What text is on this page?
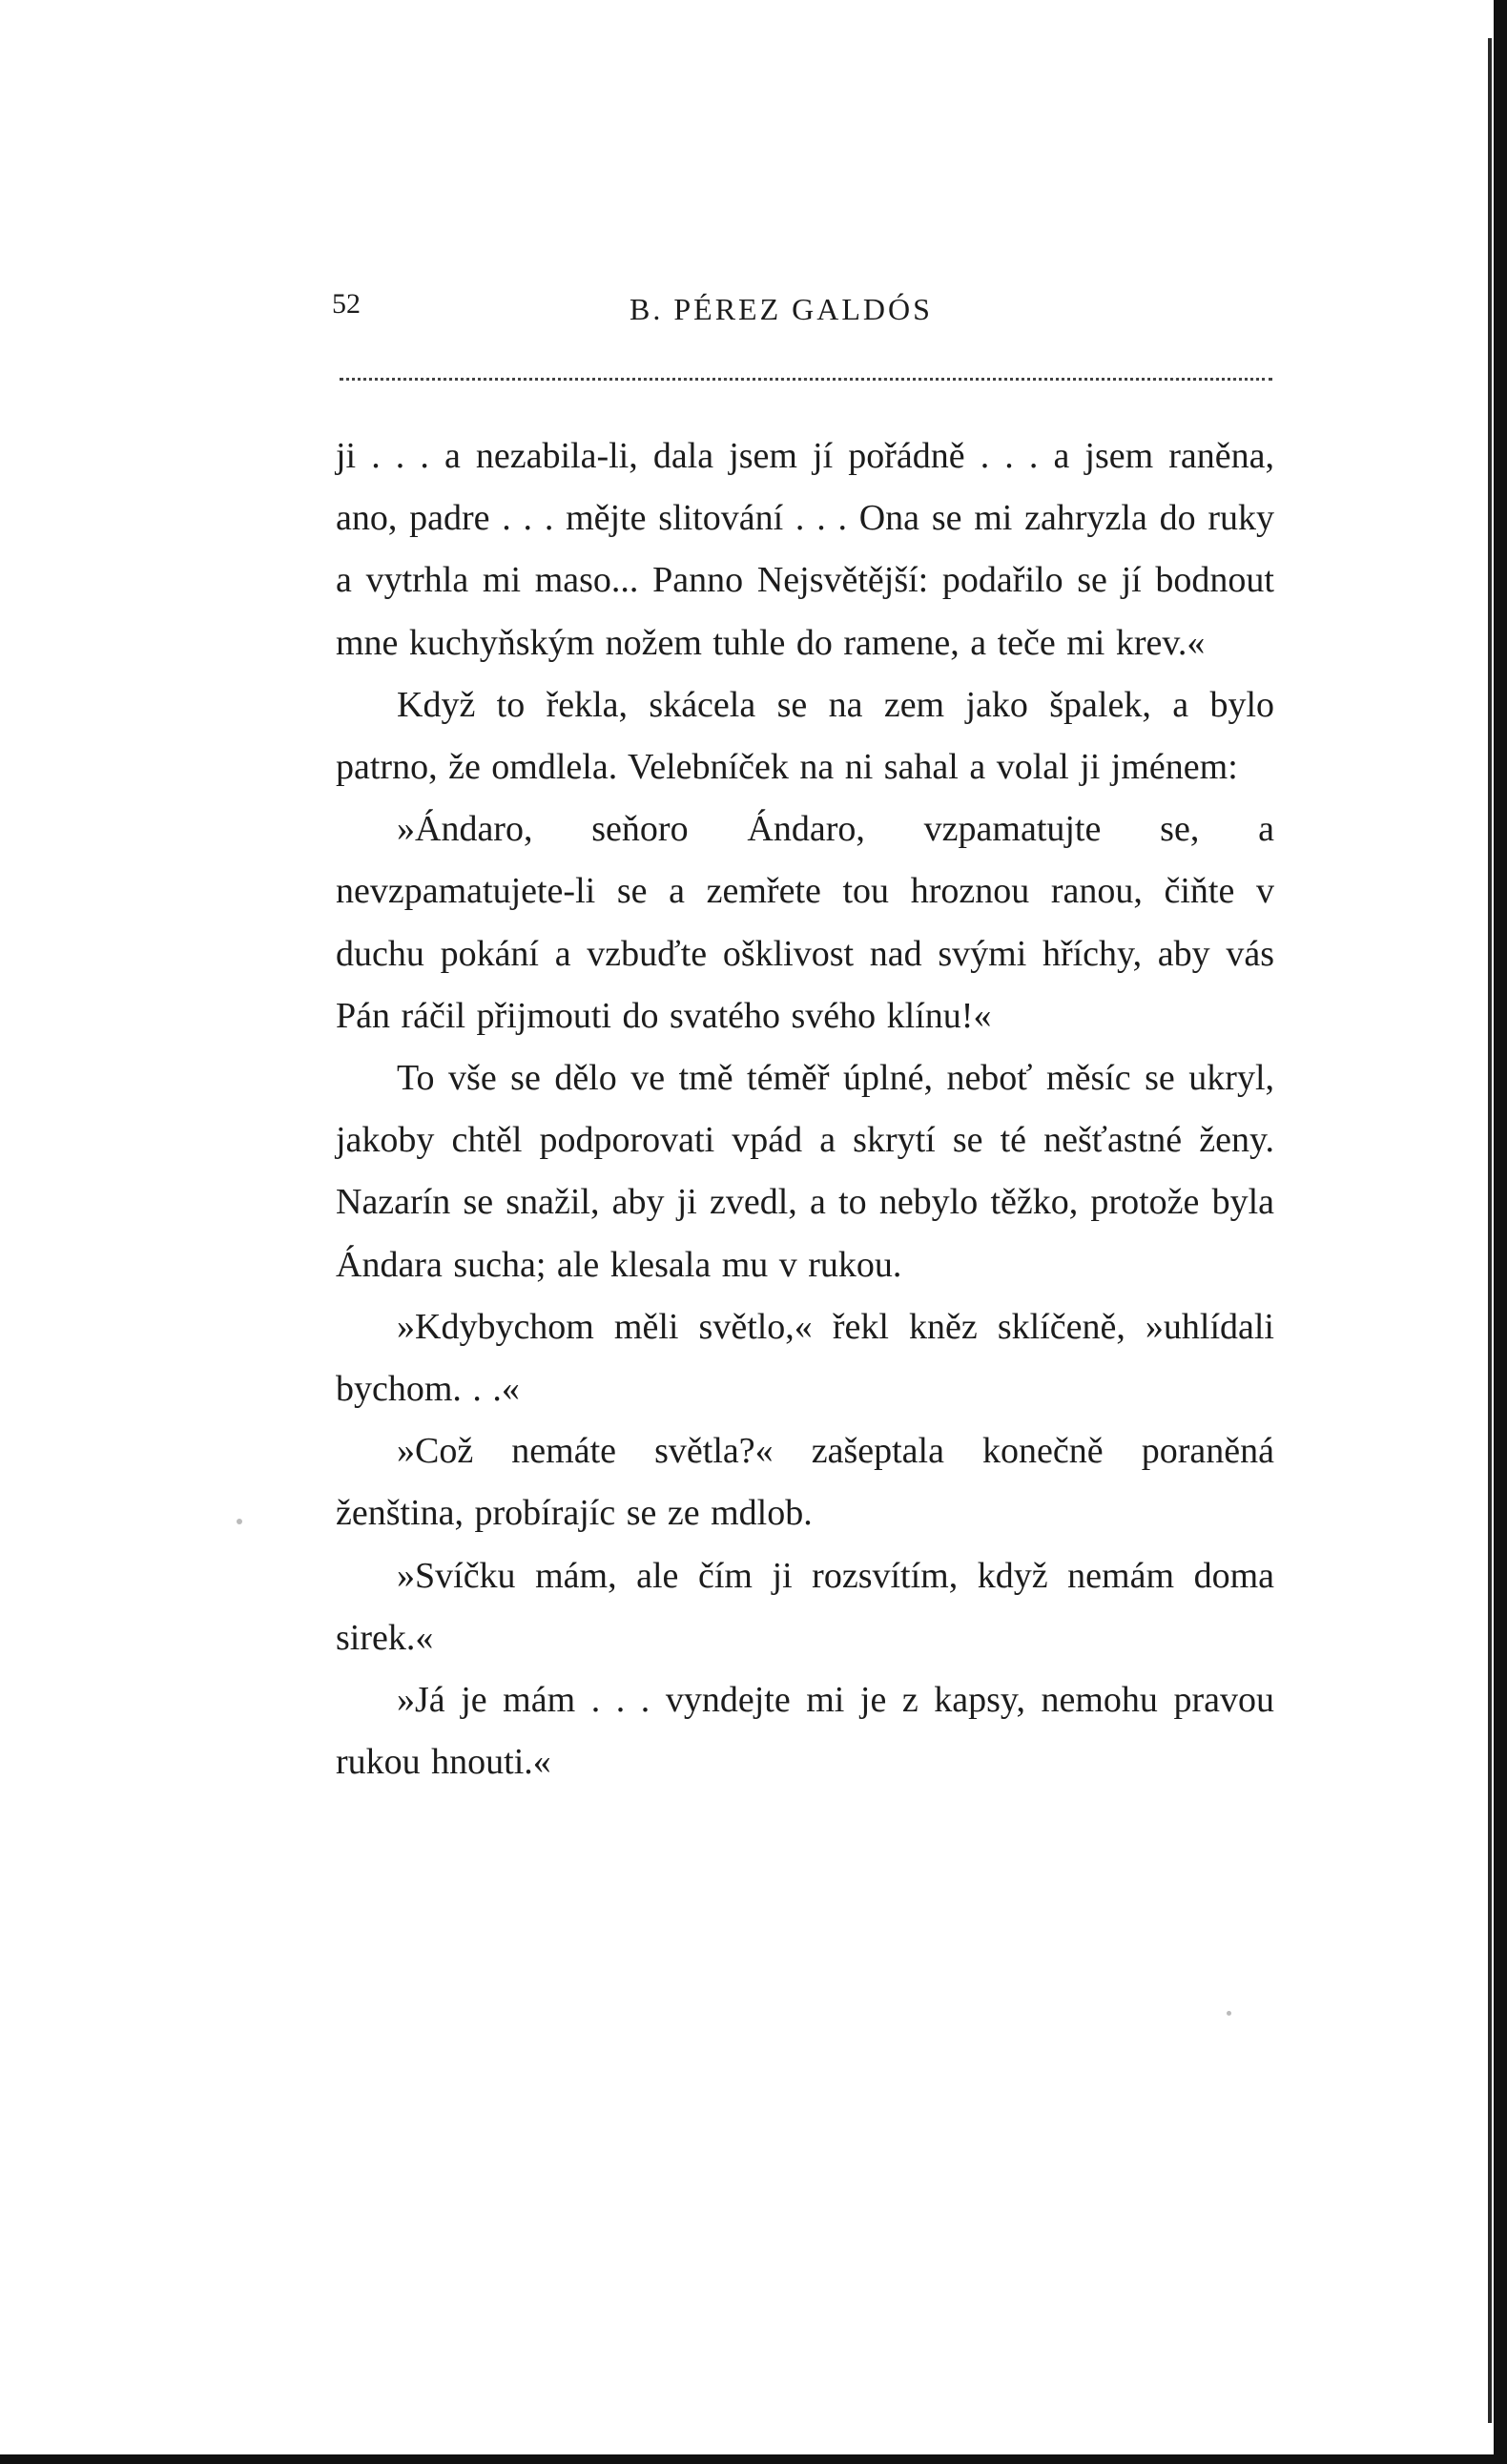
52	B. PÉREZ GALDÓS

ji . . . a nezabila-li, dala jsem jí pořádně . . . a jsem raněna, ano, padre . . . mějte slitování . . . Ona se mi zahryzla do ruky a vytrhla mi maso... Panno Nejsvětější: podařilo se jí bodnout mne kuchyňským nožem tuhle do ramene, a teče mi krev.«

Když to řekla, skácela se na zem jako špalek, a bylo patrno, že omdlela. Velebníček na ni sahal a volal ji jménem:

»Ándaro, seňoro Ándaro, vzpamatujte se, a nevzpamatujete-li se a zemřete tou hroznou ranou, čiňte v duchu pokání a vzbuďte ošklivost nad svými hříchy, aby vás Pán ráčil přijmouti do svatého svého klínu!«

To vše se dělo ve tmě téměř úplné, neboť měsíc se ukryl, jakoby chtěl podporovati vpád a skrytí se té nešťastné ženy. Nazarín se snažil, aby ji zvedl, a to nebylo těžko, protože byla Ándara sucha; ale klesala mu v rukou.

»Kdybychom měli světlo,« řekl kněz sklíčeně, »uhlídali bychom. . .«

»Což nemáte světla?« zašeptala konečně poraněná ženština, probírajíc se ze mdlob.

»Svíčku mám, ale čím ji rozsvítím, když nemám doma sirek.«

»Já je mám . . . vyndejte mi je z kapsy, nemohu pravou rukou hnouti.«
